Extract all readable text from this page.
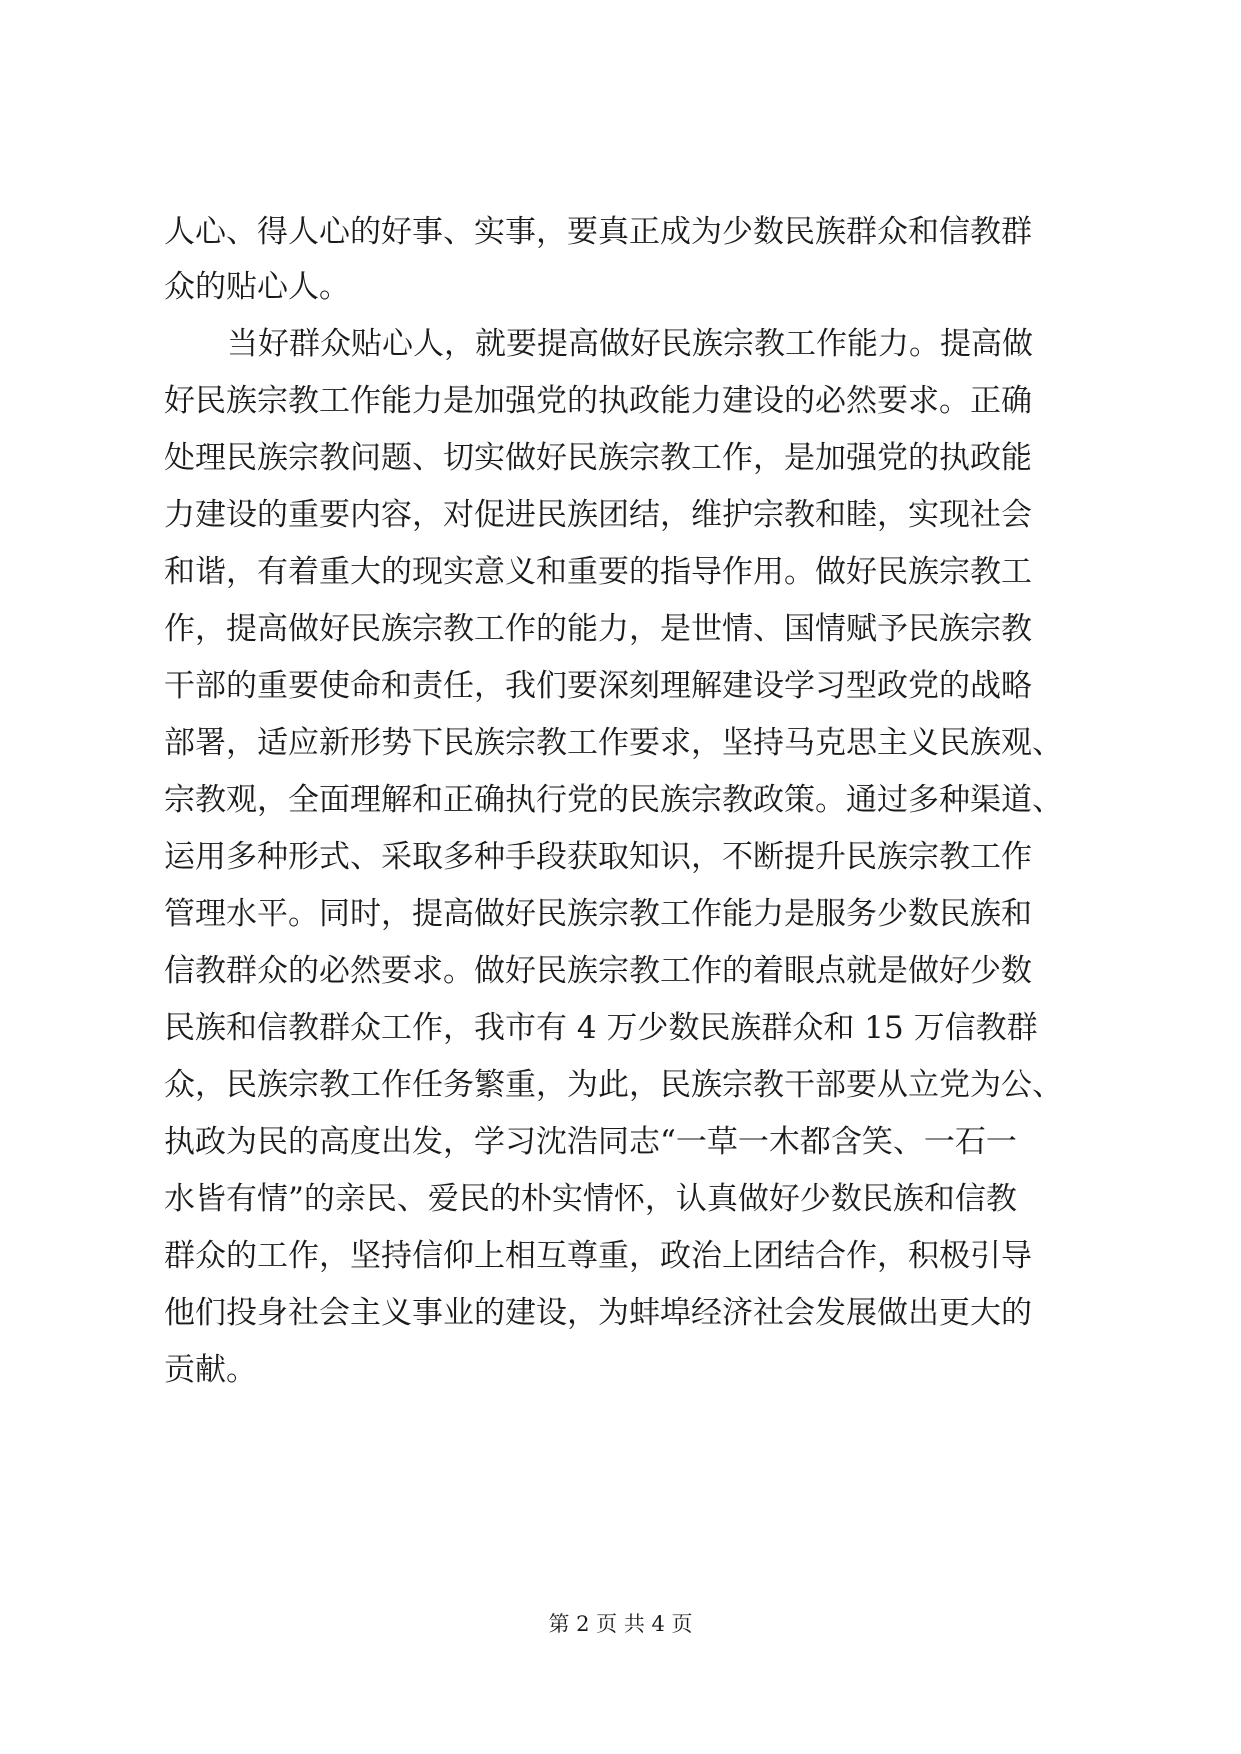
人心、得人心的好事、实事，要真正成为少数民族群众和信教群
众的贴心人。
当好群众贴心人，就要提高做好民族宗教工作能力。提高做
好民族宗教工作能力是加强党的执政能力建设的必然要求。正确
处理民族宗教问题、切实做好民族宗教工作，是加强党的执政能
力建设的重要内容，对促进民族团结，维护宗教和睦，实现社会
和谐，有着重大的现实意义和重要的指导作用。做好民族宗教工
作，提高做好民族宗教工作的能力，是世情、国情赋予民族宗教
干部的重要使命和责任，我们要深刻理解建设学习型政党的战略
部署，适应新形势下民族宗教工作要求，坚持马克思主义民族观、
宗教观，全面理解和正确执行党的民族宗教政策。通过多种渠道、
运用多种形式、采取多种手段获取知识，不断提升民族宗教工作
管理水平。同时，提高做好民族宗教工作能力是服务少数民族和
信教群众的必然要求。做好民族宗教工作的着眼点就是做好少数
民族和信教群众工作，我市有 4 万少数民族群众和 15 万信教群
众，民族宗教工作任务繁重，为此，民族宗教干部要从立党为公、
执政为民的高度出发，学习沈浩同志“一草一木都含笑、一石一
水皆有情”的亲民、爱民的朴实情怀，认真做好少数民族和信教
群众的工作，坚持信仰上相互尊重，政治上团结合作，积极引导
他们投身社会主义事业的建设，为蚌埠经济社会发展做出更大的
贡献。
第 2 页 共 4 页
